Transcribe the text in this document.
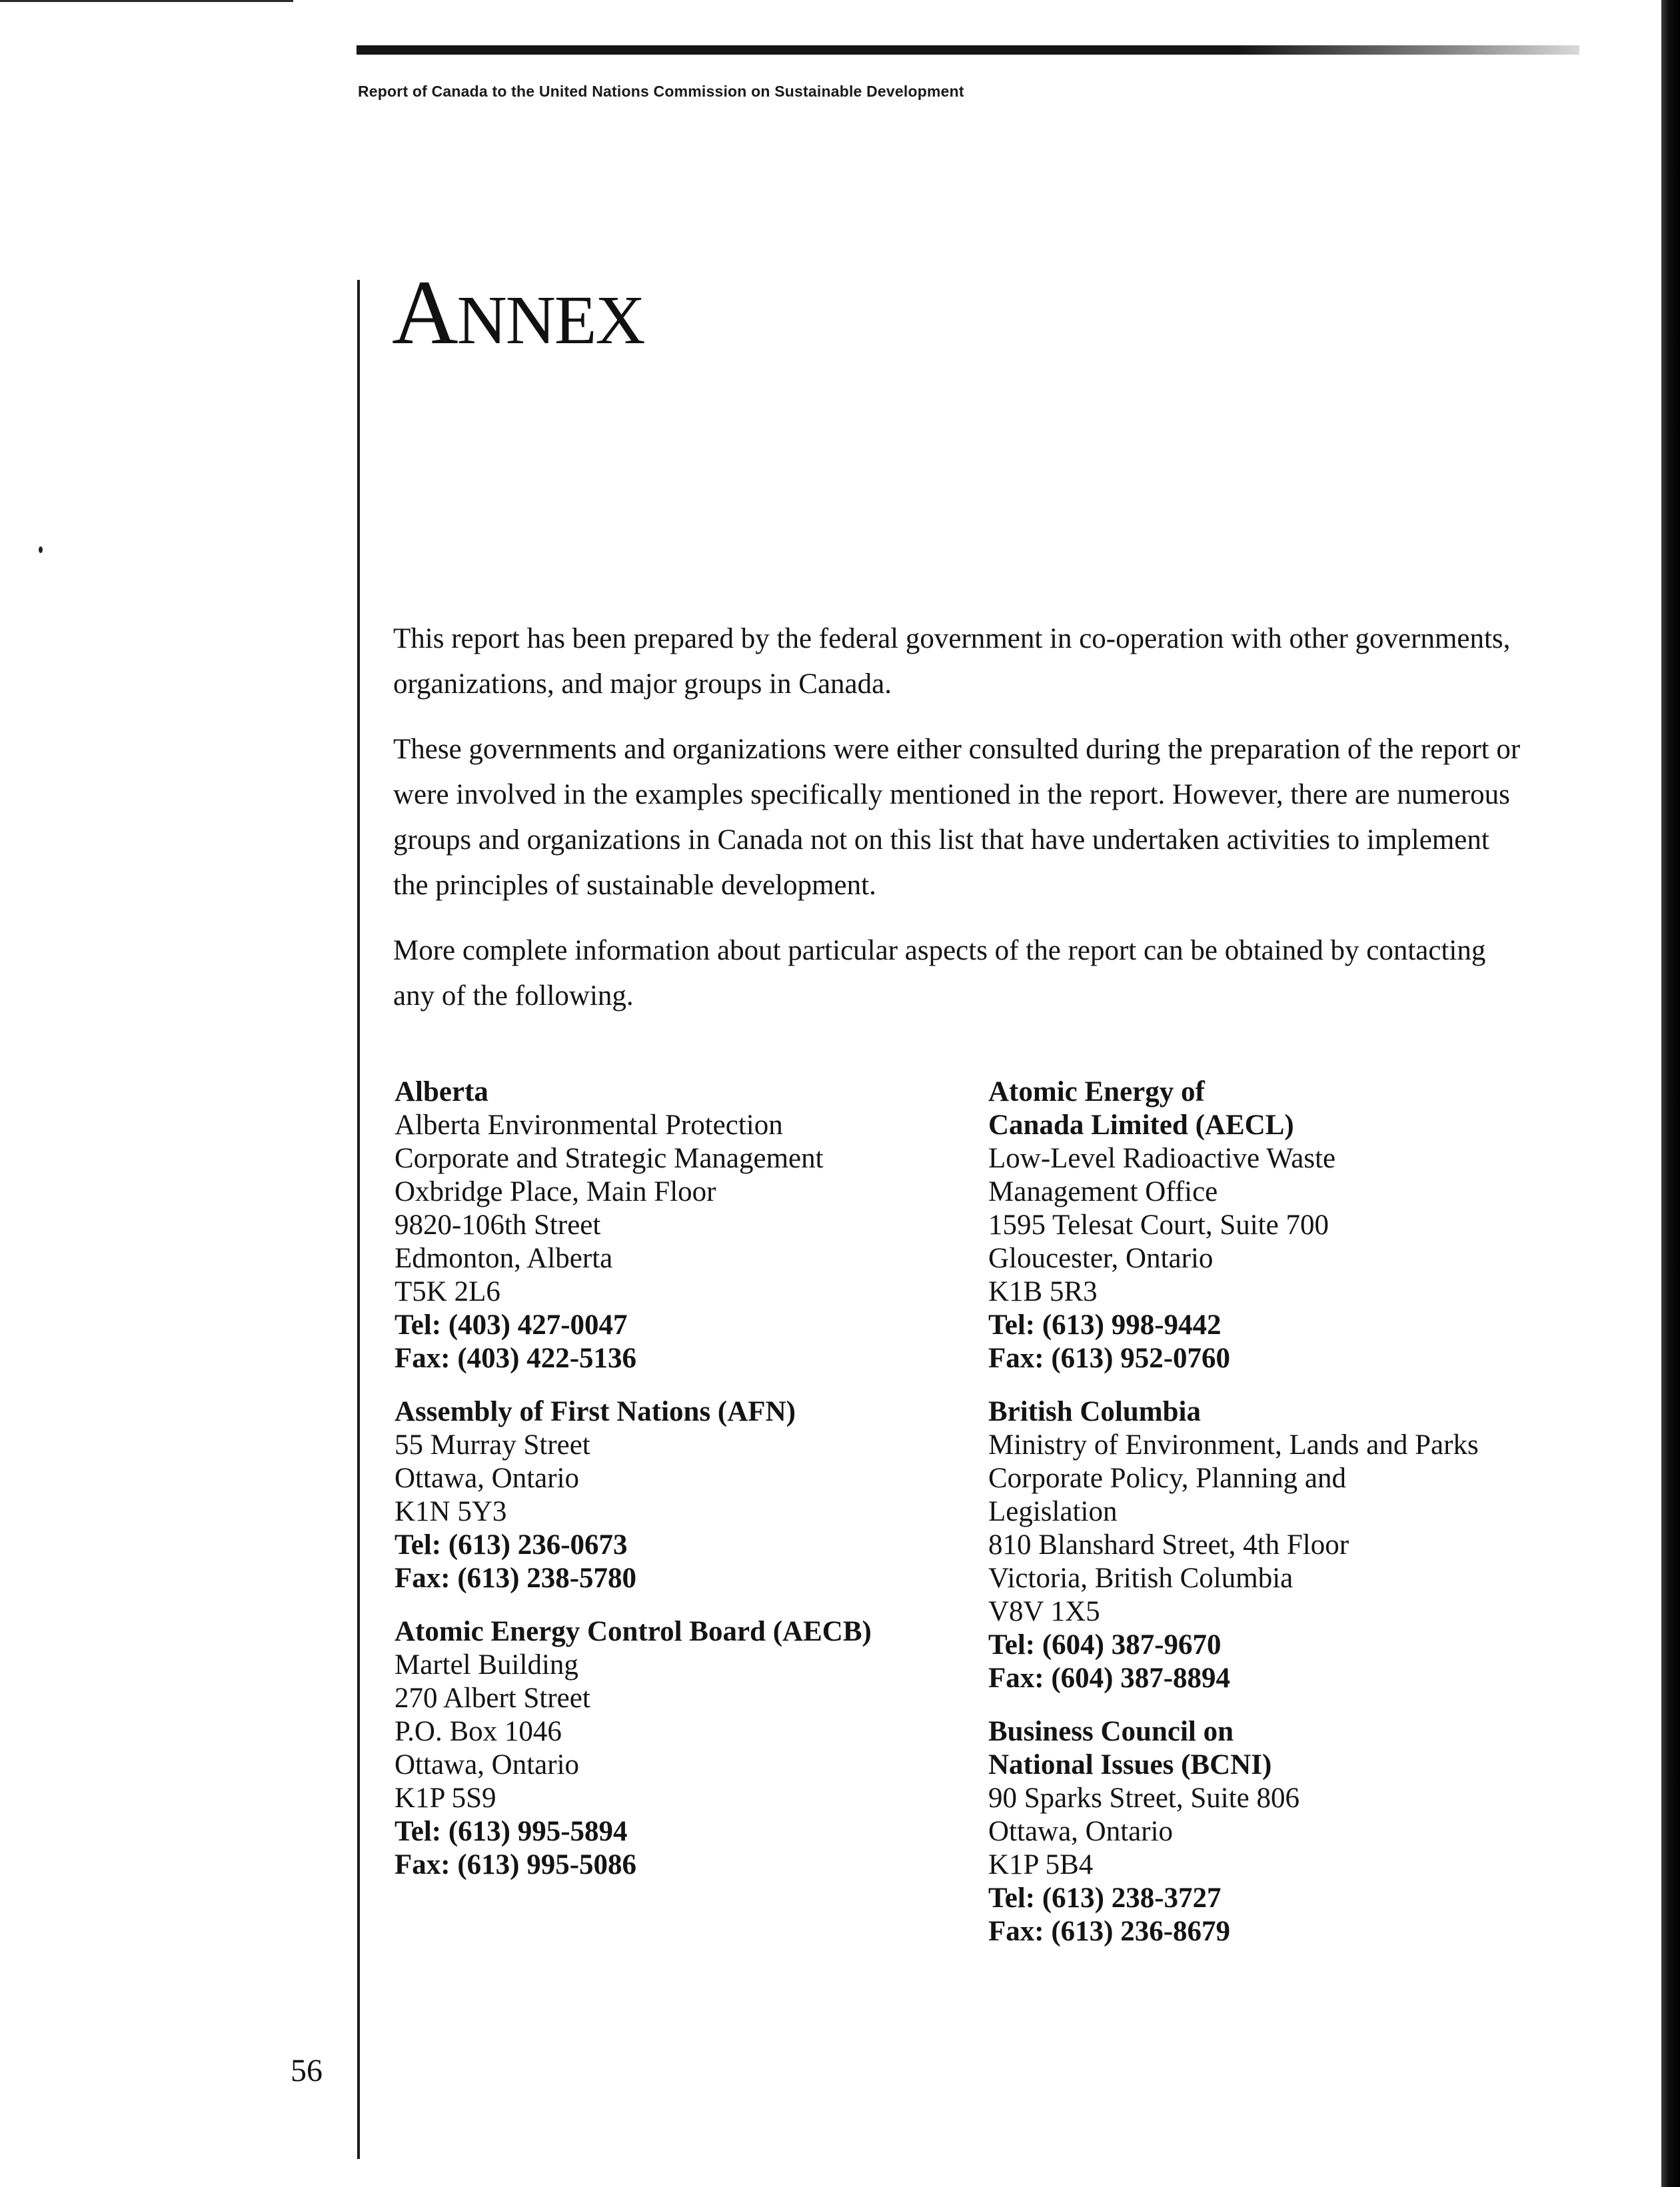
Report of Canada to the United Nations Commission on Sustainable Development
ANNEX

This report has been prepared by the federal government in co-operation with other governments, organizations, and major groups in Canada.

These governments and organizations were either consulted during the preparation of the report or were involved in the examples specifically mentioned in the report. However, there are numerous groups and organizations in Canada not on this list that have undertaken activities to implement the principles of sustainable development.

More complete information about particular aspects of the report can be obtained by contacting any of the following.

Alberta
Alberta Environmental Protection
Corporate and Strategic Management
Oxbridge Place, Main Floor
9820-106th Street
Edmonton, Alberta
T5K 2L6
Tel: (403) 427-0047
Fax: (403) 422-5136
Assembly of First Nations (AFN)
55 Murray Street
Ottawa, Ontario
K1N 5Y3
Tel: (613) 236-0673
Fax: (613) 238-5780
Atomic Energy Control Board (AECB)
Martel Building
270 Albert Street
P.O. Box 1046
Ottawa, Ontario
K1P 5S9
Tel: (613) 995-5894
Fax: (613) 995-5086
Atomic Energy of
Canada Limited (AECL)
Low-Level Radioactive Waste
Management Office
1595 Telesat Court, Suite 700
Gloucester, Ontario
K1B 5R3
Tel: (613) 998-9442
Fax: (613) 952-0760
British Columbia
Ministry of Environment, Lands and Parks
Corporate Policy, Planning and
Legislation
810 Blanshard Street, 4th Floor
Victoria, British Columbia
V8V 1X5
Tel: (604) 387-9670
Fax: (604) 387-8894
Business Council on
National Issues (BCNI)
90 Sparks Street, Suite 806
Ottawa, Ontario
K1P 5B4
Tel: (613) 238-3727
Fax: (613) 236-8679
56
